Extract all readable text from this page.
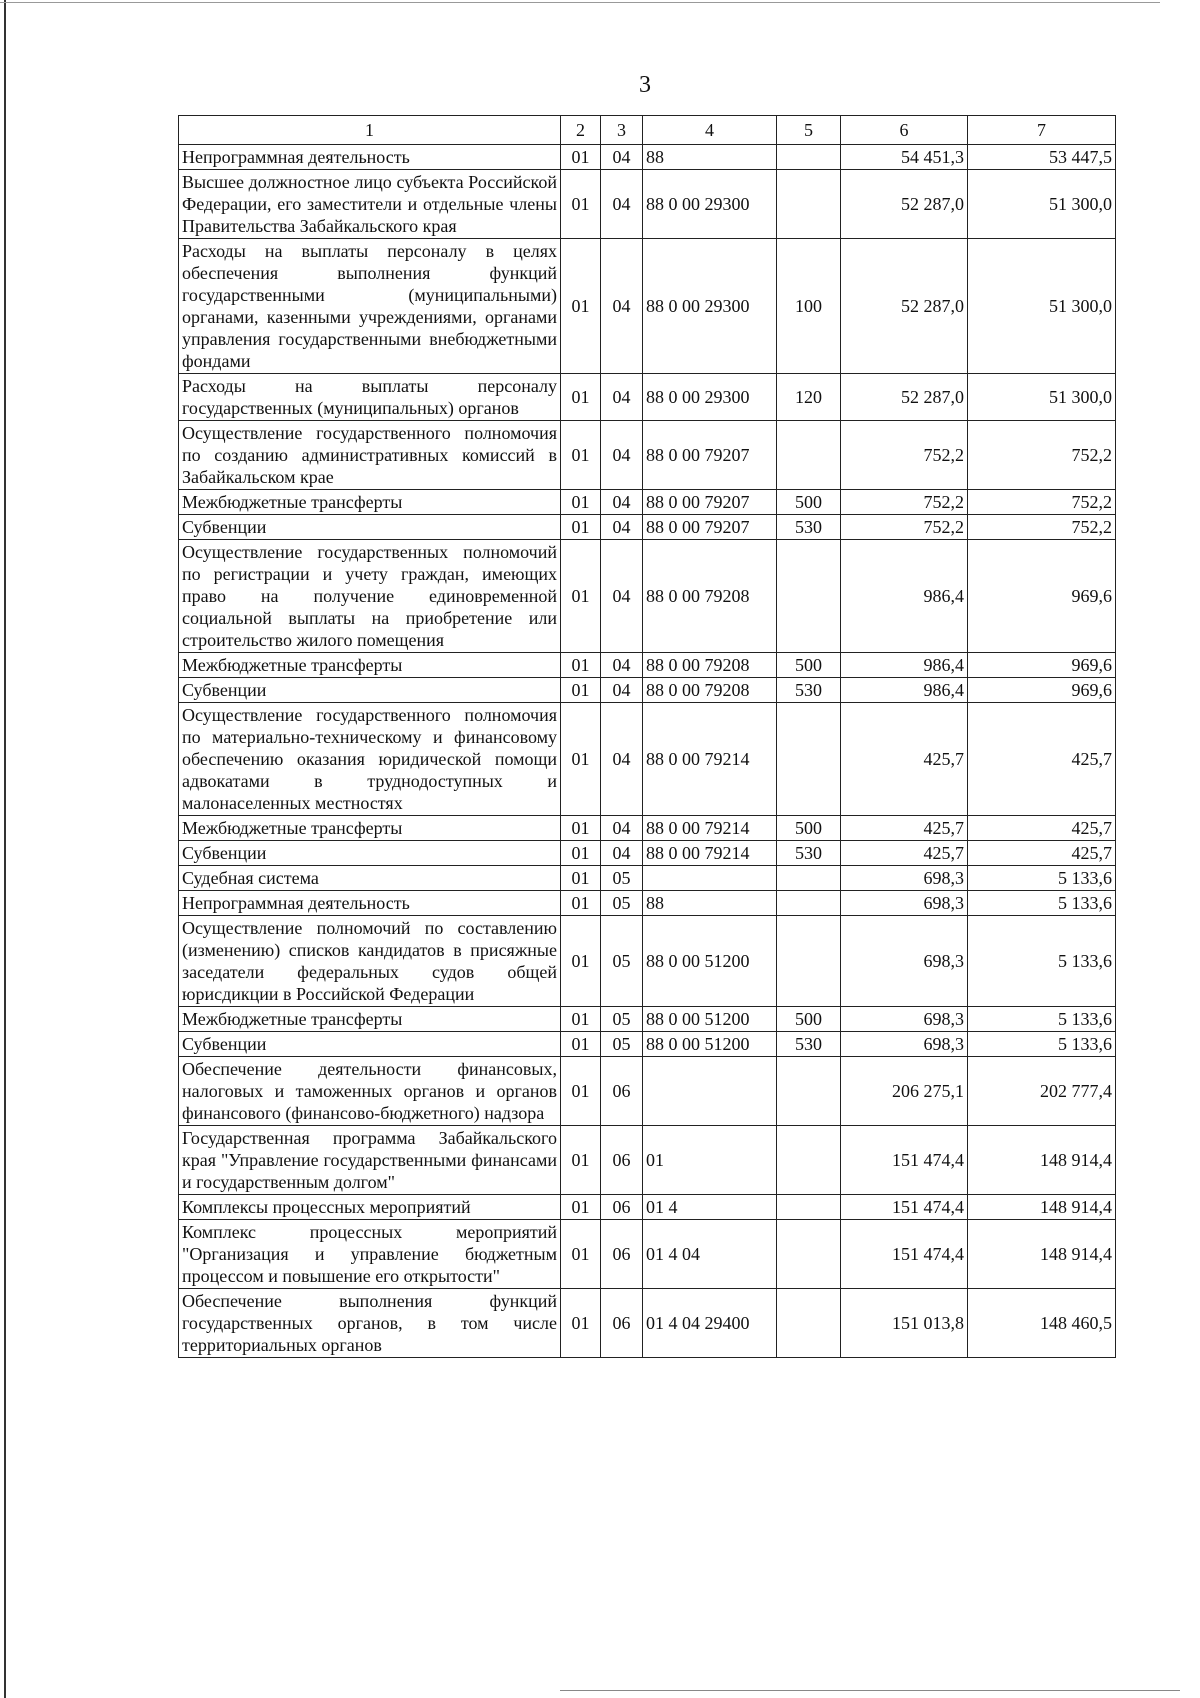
3
1	2	3	4	5	6	7
Непрограммная деятельность	01	04	88		54 451,3	53 447,5
Высшее должностное лицо субъекта Российской Федерации, его заместители и отдельные члены Правительства Забайкальского края	01	04	88 0 00 29300		52 287,0	51 300,0
Расходы на выплаты персоналу в целях обеспечения выполнения функций государственными (муниципальными) органами, казенными учреждениями, органами управления государственными внебюджетными фондами	01	04	88 0 00 29300	100	52 287,0	51 300,0
Расходы на выплаты персоналу государственных (муниципальных) органов	01	04	88 0 00 29300	120	52 287,0	51 300,0
Осуществление государственного полномочия по созданию административных комиссий в Забайкальском крае	01	04	88 0 00 79207		752,2	752,2
Межбюджетные трансферты	01	04	88 0 00 79207	500	752,2	752,2
Субвенции	01	04	88 0 00 79207	530	752,2	752,2
Осуществление государственных полномочий по регистрации и учету граждан, имеющих право на получение единовременной социальной выплаты на приобретение или строительство жилого помещения	01	04	88 0 00 79208		986,4	969,6
Межбюджетные трансферты	01	04	88 0 00 79208	500	986,4	969,6
Субвенции	01	04	88 0 00 79208	530	986,4	969,6
Осуществление государственного полномочия по материально-техническому и финансовому обеспечению оказания юридической помощи адвокатами в труднодоступных и малонаселенных местностях	01	04	88 0 00 79214		425,7	425,7
Межбюджетные трансферты	01	04	88 0 00 79214	500	425,7	425,7
Субвенции	01	04	88 0 00 79214	530	425,7	425,7
Судебная система	01	05			698,3	5 133,6
Непрограммная деятельность	01	05	88		698,3	5 133,6
Осуществление полномочий по составлению (изменению) списков кандидатов в присяжные заседатели федеральных судов общей юрисдикции в Российской Федерации	01	05	88 0 00 51200		698,3	5 133,6
Межбюджетные трансферты	01	05	88 0 00 51200	500	698,3	5 133,6
Субвенции	01	05	88 0 00 51200	530	698,3	5 133,6
Обеспечение деятельности финансовых, налоговых и таможенных органов и органов финансового (финансово-бюджетного) надзора	01	06			206 275,1	202 777,4
Государственная программа Забайкальского края "Управление государственными финансами и государственным долгом"	01	06	01		151 474,4	148 914,4
Комплексы процессных мероприятий	01	06	01 4		151 474,4	148 914,4
Комплекс процессных мероприятий "Организация и управление бюджетным процессом и повышение его открытости"	01	06	01 4 04		151 474,4	148 914,4
Обеспечение выполнения функций государственных органов, в том числе территориальных органов	01	06	01 4 04 29400		151 013,8	148 460,5
